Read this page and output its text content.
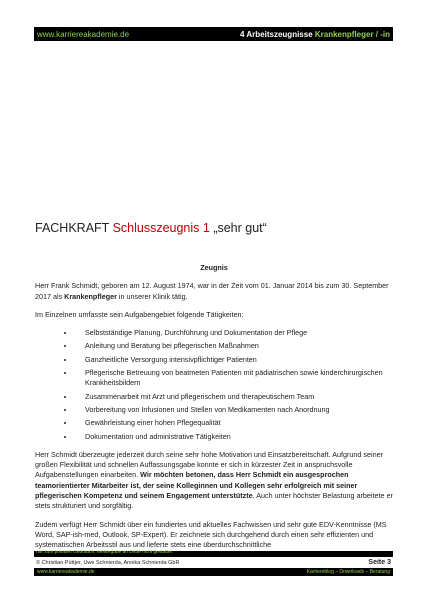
www.karriereakademie.de	4 Arbeitszeugnisse Krankenpfleger / -in
FACHKRAFT Schlusszeugnis 1 „sehr gut“
Zeugnis

Herr Frank Schmidt, geboren am 12. August 1974, war in der Zeit vom 01. Januar 2014 bis zum 30. September 2017 als Krankenpfleger in unserer Klinik tätig.

Im Einzelnen umfasste sein Aufgabengebiet folgende Tätigkeiten:

• Selbstständige Planung, Durchführung und Dokumentation der Pflege
• Anleitung und Beratung bei pflegerischen Maßnahmen
• Ganzheitliche Versorgung intensivpflichtiger Patienten
• Pflegerische Betreuung von beatmeten Patienten mit pädiatrischen sowie kinderchirurgischen Krankheitsbildern
• Zusammenarbeit mit Arzt und pflegerischem und therapeutischem Team
• Vorbereitung von Infusionen und Stellen von Medikamenten nach Anordnung
• Gewährleistung einer hohen Pflegequalität
• Dokumentation und administrative Tätigkeiten

Herr Schmidt überzeugte jederzeit durch seine sehr hohe Motivation und Einsatzbereitschaft. Aufgrund seiner großen Flexibilität und schnellen Auffassungsgabe konnte er sich in kürzester Zeit in anspruchsvolle Aufgabenstellungen einarbeiten. Wir möchten betonen, dass Herr Schmidt ein ausgesprochen teamorientierter Mitarbeiter ist, der seine Kolleginnen und Kollegen sehr erfolgreich mit seiner pflegerischen Kompetenz und seinem Engagement unterstützte. Auch unter höchster Belastung arbeitete er stets strukturiert und sorgfältig.

Zudem verfügt Herr Schmidt über ein fundiertes und aktuelles Fachwissen und sehr gute EDV-Kenntnisse (MS Word, SAP-ish-med, Outlook, SP-Expert). Er zeichnete sich durchgehend durch einen sehr effizienten und systematischen Arbeitsstil aus und lieferte stets eine überdurchschnittliche

nur zum privaten Gebrauch, Weitergabe an Dritte nicht gestattet
© Christian Püttjer, Uwe Schnierda, Annika Schnierda GbR	Seite 3
www.karriereakademie.de	Karriereblog – Downloads – Beratung
